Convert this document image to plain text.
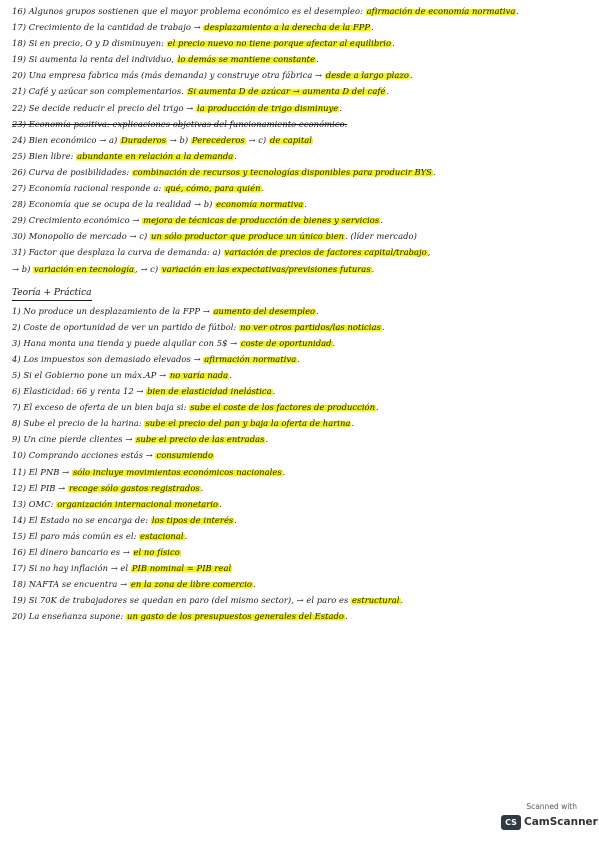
16) Algunos grupos sostienen que el mayor problema económico es el desempleo: afirmación de economía normativa.
17) Crecimiento de la cantidad de trabajo → desplazamiento a la derecha de la FPP.
18) Si en precio, O y D disminuyen: el precio nuevo no tiene porque afectar al equilibrio.
19) Si aumenta la renta del individuo, lo demás se mantiene constante.
20) Una empresa fabrica más (más demanda) y construye otra fábrica → desde a largo plazo.
21) Café y azúcar son complementarios. Si aumenta D de azúcar → aumenta D del café.
22) Se decide reducir el precio del trigo → la producción de trigo disminuye.
23) Economía positiva: explicaciones objetivas del funcionamiento económico.
24) Bien económico → a) Duraderos → b) Perecederos → c) de capital
25) Bien libre: abundante en relación a la demanda.
26) Curva de posibilidades: combinación de recursos y tecnologías disponibles para producir BYS.
27) Economía racional responde a: qué, cómo, para quién.
28) Economía que se ocupa de la realidad → b) economía normativa.
29) Crecimiento económico → mejora de técnicas de producción de bienes y servicios.
30) Monopolio de mercado → c) un sólo productor que produce un único bien. (líder mercado)
31) Factor que desplaza la curva de demanda: a) variación de precios de factores capital/trabajo,
→ b) variación en tecnología, → c) variación en las expectativas/previsiones futuras.
Teoría + Práctica
1) No produce un desplazamiento de la FPP → aumento del desempleo.
2) Coste de oportunidad de ver un partido de fútbol: no ver otros partidos/las noticias.
3) Hana monta una tienda y puede alquilar con 5$ → coste de oportunidad.
4) Los impuestos son demasiado elevados → afirmación normativa.
5) Si el Gobierno pone un máx.AP → no varía nada.
6) Elasticidad: 66 y renta 12 → bien de elasticidad inelástica.
7) El exceso de oferta de un bien baja si: sube el coste de los factores de producción.
8) Sube el precio de la harina: sube el precio del pan y baja la oferta de harina.
9) Un cine pierde clientes → sube el precio de las entradas.
10) Comprando acciones estás → consumiendo
11) El PNB → sólo incluye movimientos económicos nacionales.
12) El PIB → recoge sólo gastos registrados.
13) OMC: organización internacional monetario.
14) El Estado no se encarga de: los tipos de interés.
15) El paro más común es el: estacional.
16) El dinero bancario es → el no físico
17) Si no hay inflación → el PIB nominal = PIB real
18) NAFTA se encuentra → en la zona de libre comercio.
19) Si 70K de trabajadores se quedan en paro (del mismo sector), → el paro es estructural.
20) La enseñanza supone: un gasto de los presupuestos generales del Estado.
Scanned with
CS CamScanner
